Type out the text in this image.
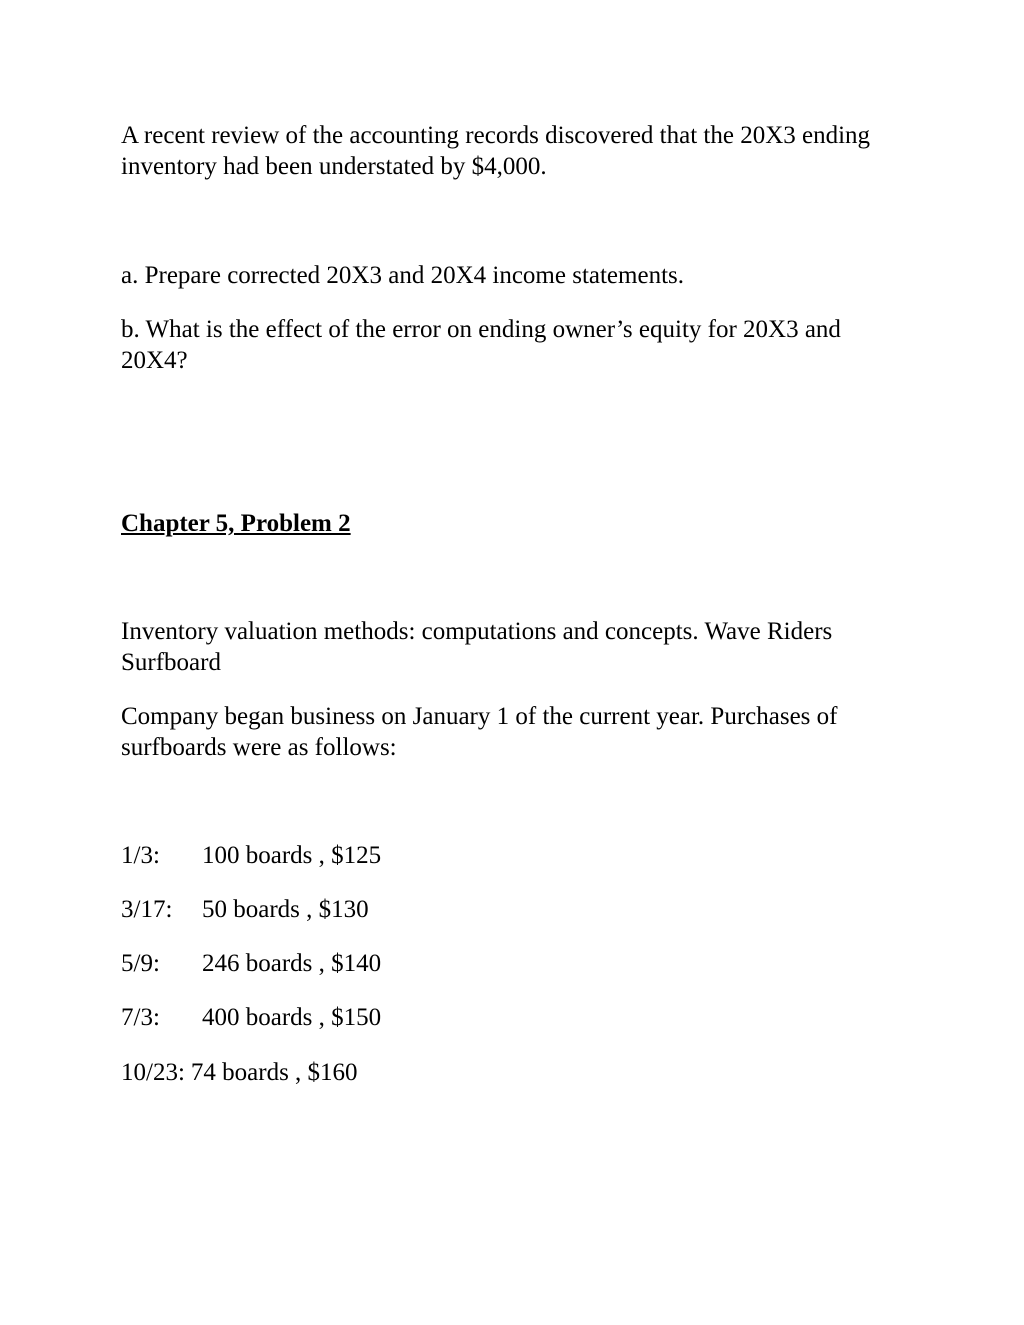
A recent review of the accounting records discovered that the 20X3 ending inventory had been understated by $4,000.

a. Prepare corrected 20X3 and 20X4 income statements.

b. What is the effect of the error on ending owner’s equity for 20X3 and 20X4?

Chapter 5, Problem 2

Inventory valuation methods: computations and concepts. Wave Riders Surfboard

Company began business on January 1 of the current year. Purchases of surfboards were as follows:

1/3: 100 boards , $125

3/17: 50 boards , $130

5/9: 246 boards , $140

7/3: 400 boards , $150

10/23: 74 boards , $160
